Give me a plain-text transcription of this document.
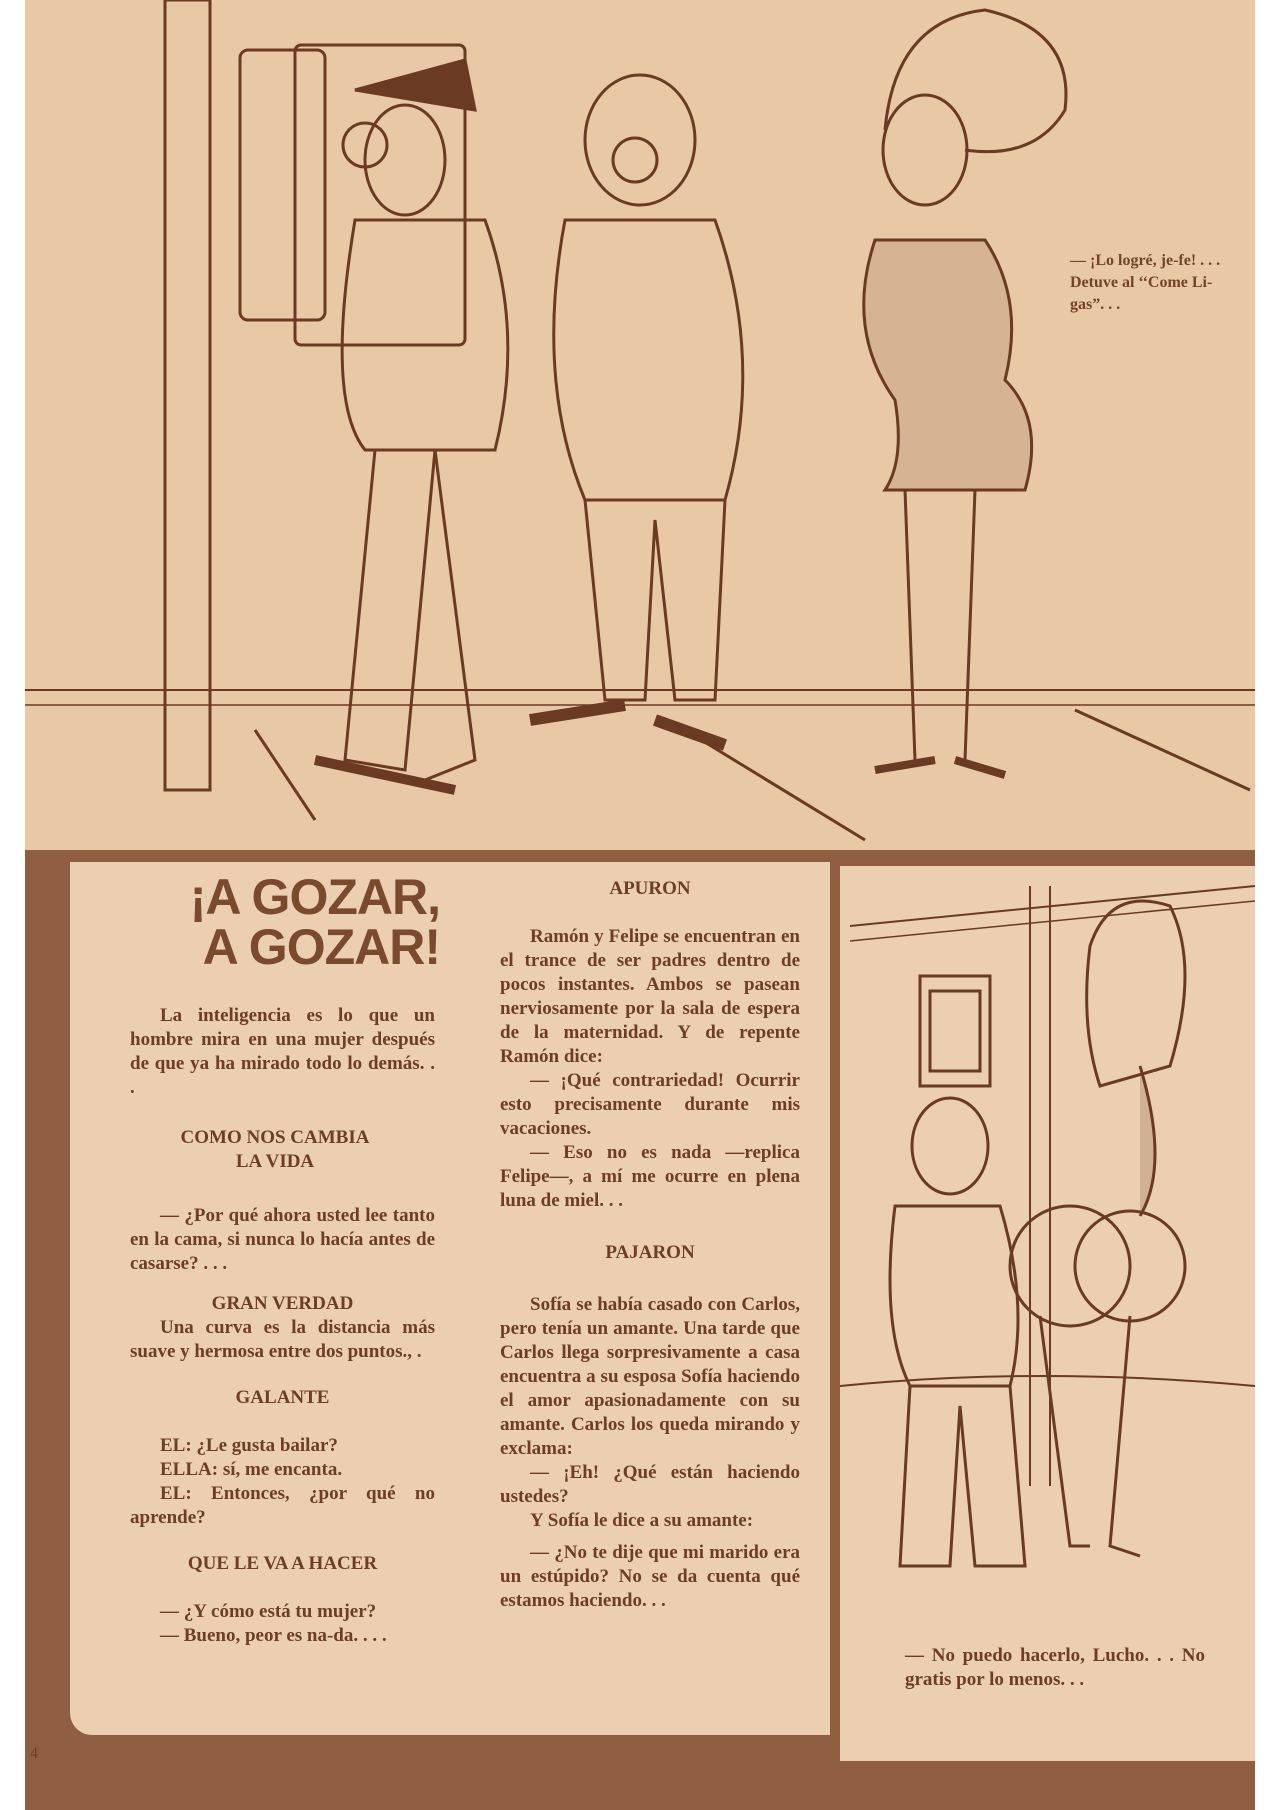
— ¡Lo logré, je-fe! . . . Detuve al ‘‘Come Li-gas”. . .
¡A GOZAR,
A GOZAR!

La inteligencia es lo que un hombre mira en una mujer después de que ya ha mirado todo lo demás. . .

COMO NOS CAMBIA LA VIDA

— ¿Por qué ahora usted lee tanto en la cama, si nunca lo hacía antes de casarse? . . .

GRAN VERDAD

Una curva es la distancia más suave y hermosa entre dos puntos., .

GALANTE

EL: ¿Le gusta bailar?

ELLA: sí, me encanta.

EL: Entonces, ¿por qué no aprende?

QUE LE VA A HACER

— ¿Y cómo está tu mujer?

— Bueno, peor es na-da. . . .

APURON

Ramón y Felipe se encuentran en el trance de ser padres dentro de pocos instantes. Ambos se pasean nerviosamente por la sala de espera de la maternidad. Y de repente Ramón dice:

— ¡Qué contrariedad! Ocurrir esto precisamente durante mis vacaciones.

— Eso no es nada —replica Felipe—, a mí me ocurre en plena luna de miel. . .

PAJARON

Sofía se había casado con Carlos, pero tenía un amante. Una tarde que Carlos llega sorpresivamente a casa encuentra a su esposa Sofía haciendo el amor apasionadamente con su amante. Carlos los queda mirando y exclama:

— ¡Eh! ¿Qué están haciendo ustedes?

Y Sofía le dice a su amante:

— ¿No te dije que mi marido era un estúpido? No se da cuenta qué estamos haciendo. . .

— No puedo hacerlo, Lucho. . . No gratis por lo menos. . .
4
